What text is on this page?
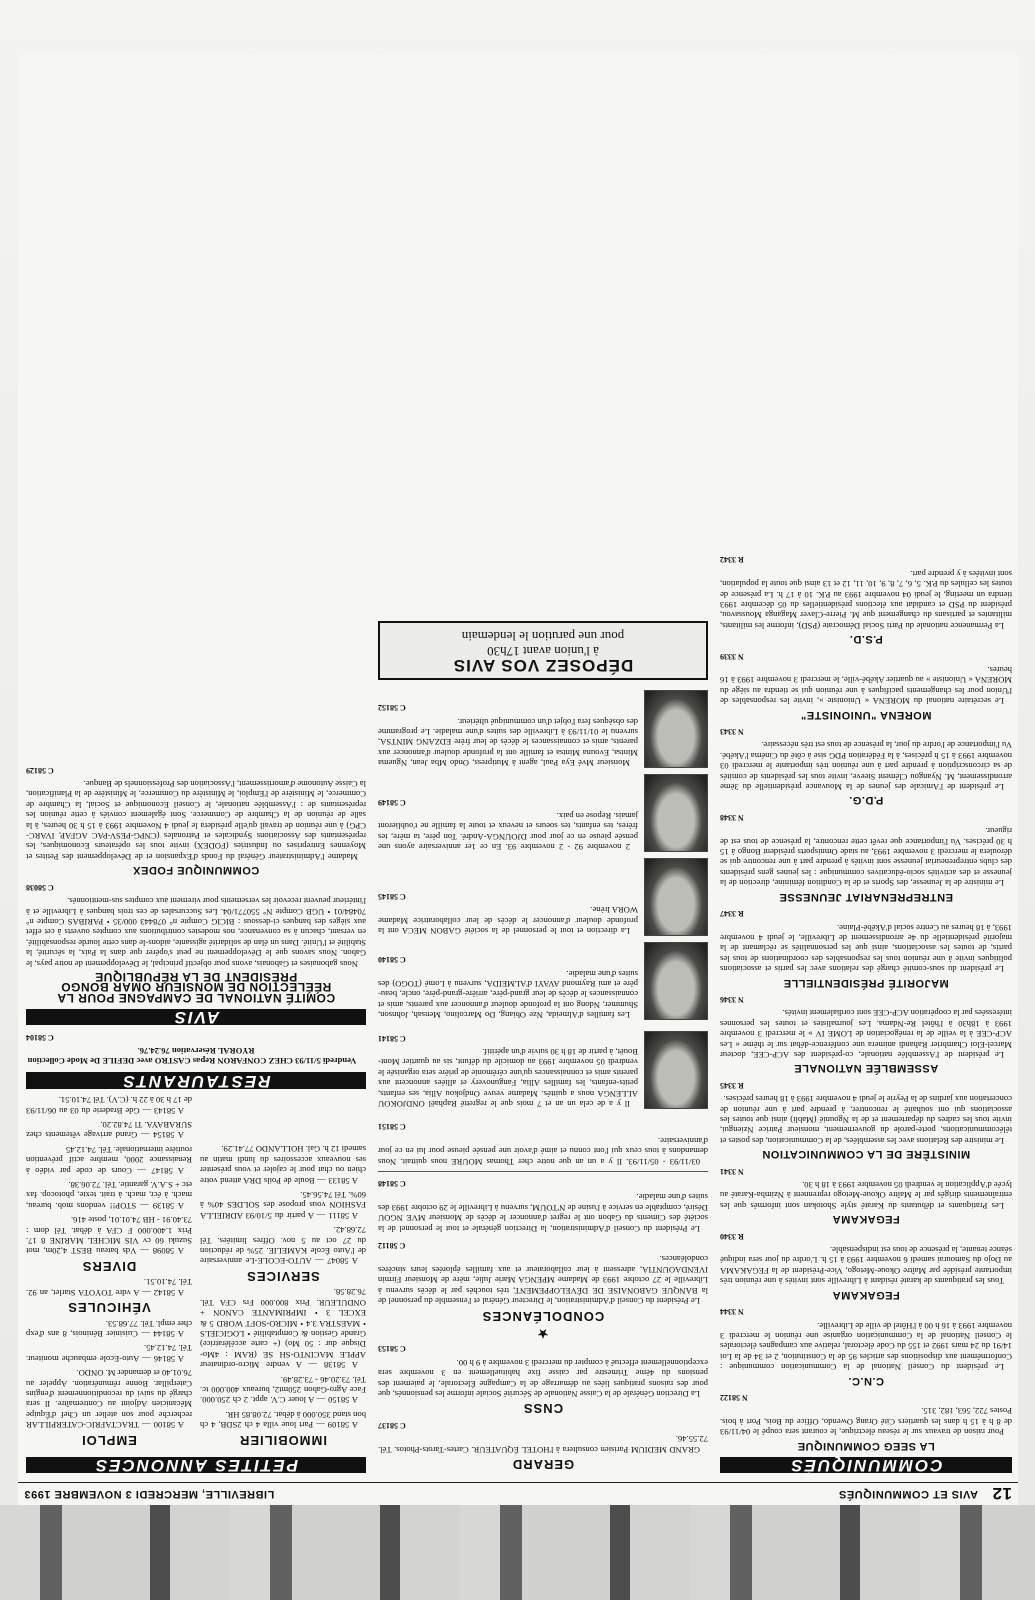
12
AVIS ET COMMUNIQUÉS
LIBREVILLE, MERCREDI 3 NOVEMBRE 1993
COMMUNIQUÉS
LA SEEG COMMUNIQUE

Pour raison de travaux sur le réseau électrique, le courant sera coupé le 04/11/93 de 8 h à 15 h dans les quartiers Cité Orang Owendo, Office du Bois, Port à bois. Postes 722, 563, 182, 315.

N 58122
C.N.C.

Le président du Conseil National de la Communication communique : Conformément aux dispositions des articles 95 de la Constitution, 2 et 34 de la Loi 14/91 du 24 mars 1992 et 155 du Code électoral, relative aux campagnes électorales le Conseil National de la Communication organise une réunion le mercredi 3 novembre 1993 à 16 h 00 à l'Hôtel de ville de Libreville.

N 3344
FEGAKAMA

Tous les pratiquants de karaté résidant à Libreville sont invités à une réunion très importante présidée par Maître Okoue-Metogo, Vice-Président de la FEGAKAMA au Dojo du Samourai samedi 6 novembre 1993 à 15 h. L'ordre du jour sera indiqué séance tenante, la présence de tous est indispensable.

R 3340
FEGAKAMA

Les Pratiquants et débutants du Karaté style Shotokan sont informés que les entraînements dirigés par le Maître Okoue-Metogo reprennent à Nzimba-Karaté au lycée d'Application le vendredi 05 novembre 1993 à 18 h 30.

N 3341
MINISTÈRE DE LA COMMUNICATION

Le ministre des Relations avec les assemblées, de la Communication, des postes et télécommunications, porte-parole du gouvernement, monsieur Patrice Nziengui, invite tous les cadres du département et de la Ngounié (Mabli) ainsi que toutes les associations qui ont souhaité le rencontrer, à prendre part à une réunion de concertation aux jardins de la Peyrie le jeudi 4 novembre 1993 à 18 heures précises.

R 3345
ASSEMBLÉE NATIONALE

Le président de l'Assemblée nationale, co-président des ACP-CEE, docteur Marcel-Eloi Chambrier Rahandi animera une conférence-débat sur le thème « Les ACP-CEE à la veille de la renégociation de LOME IV » le mercredi 3 novembre 1993 à 18h30 à l'hôtel Re-Ndama. Les journalistes et toutes les personnes intéressées par la coopération ACP-CEE sont cordialement invités.

N 3346
MAJORITÉ PRÉSIDENTIELLE

Le président du sous-comité chargé des relations avec les partis et associations politiques invite à une réunion tous les responsables des coordinations de tous les partis, de toutes les associations, ainsi que les personnalités se réclamant de la majorité présidentielle du 4e arrondissement de Libreville, le jeudi 4 novembre 1993, à 18 heures au Centre social d'Akébé-Plaine.

R 3347
ENTREPRENARIAT JEUNESSE

Le ministre de la Jeunesse, des Sports et de la Condition féminine, direction de la jeunesse et des activités socio-éducatives communique : les jeunes gens présidents des clubs entrepreneuriat jeunesse sont invités à prendre part à une rencontre qui se déroulera le mercredi 3 novembre 1993, au stade Omnisports président Bongo à 15 h 30 précises. Vu l'importance que revêt cette rencontre, la présence de tous est de rigueur.

N 3348
P.D.G.

Le président de l'Amicale des jeunes de la Mouvance présidentielle du 3ème arrondissement, M. Nyangou Clément Steeve, invite tous les présidents de comités de sa circonscription à prendre part à une réunion très importante le mercredi 03 novembre 1993 à 15 h précises, à la Fédération PDG sise à côté du Cinéma l'Akébé. Vu l'importance de l'ordre du jour, la présence de tous est très nécessaire.

N 3343
MORENA "UNIONISTE"

Le secrétaire national du MORENA « Unioniste », invite les responsables de l'Union pour les changements pacifiques à une réunion qui se tiendra au siège du MORENA « Unioniste » au quartier Akébé-ville, le mercredi 3 novembre 1993 à 16 heures.

N 3339
P.S.D.

La Permanence nationale du Parti Social Démocrate (PSD), informe les militants, militantes et partisans du changement que M. Pierre-Claver Maganga Moussavou, président du PSD et candidat aux élections présidentielles du 05 décembre 1993 tiendra un meeting, le jeudi 04 novembre 1993 au P.K. 10 à 17 h. La présence de toutes les cellules du P.K. 5, 6, 7, 8, 9, 10, 11, 12 et 13 ainsi que toute la population, sont invitées à y prendre part.

R 3342
GERARD

GRAND MEDIUM Parisien consultera à l'HOTEL ÉQUATEUR. Cartes-Tarots-Photos. Tél. 72.55.46.

C 58137
CNSS

La Direction Générale de la Caisse Nationale de Sécurité Sociale informe les pensionnés, que pour des raisons pratiques liées au démarrage de la Campagne Électorale, le paiement des pensions du 4ème Trimestre par caisse fixe habituellement en 3 novembre sera exceptionnellement effectué à compter du mercredi 3 novembre à 9 h 00.

C 58153
★
CONDOLÉANCES

Le Président du Conseil d'Administration, le Directeur Général et l'ensemble du personnel de la BANQUE GABONAISE DE DÉVELOPPEMENT, très touchés par le décès survenu à Libreville le 27 octobre 1993 de Madame MPENGA Marie Julie, mère de Monsieur Firmin IVENDAOUNTIA, adressent à leur collaborateur et aux familles éplorées leurs sincères condoléances.

C 58112

Le Président du Conseil d'Administration, la Direction générale et tout le personnel de la société des Ciments du Gabon ont le regret d'annoncer le décès de Monsieur MVE NGOU Désiré, comptable en service à l'usine de N'TOUM, survenu à Libreville le 29 octobre 1993 des suites d'une maladie.

C 58148

03/11/93 - 05/11/93. Il y a un an que notre cher Thomas MOURE nous quittait. Nous demandons à tous ceux qui l'ont connu et aimé d'avoir une pensée pieuse pour lui en ce jour d'anniversaire.

C 58151

Il y a de cela un an et 7 mois que le regretté Raphaël ONDJOKOU ALLENGA nous a quittés. Madame veuve Ondjokou Allia, ses enfants, petits-enfants, les familles Allia, Fangunovery et alliées annoncent aux parents amis et connaissances qu'une cérémonie de prière sera organisée le vendredi 05 novembre 1993 au domicile du défunt, sis au quartier Mont-Bouët, à partir de 18 h 30 suivie d'un apéritif.

C 58141

Les familles d'Almeida, Nze Obiang, Do Marcolino, Mensah, Johnson, Shummer, Ndong ont la profonde douleur d'annoncer aux parents, amis et connaissances le décès de leur grand-père, arrière-grand-père, oncle, beau-père et ami Raymond AVAYI d'ALMEIDA, survenu à Lomé (TOGO) des suites d'une maladie.

C 58140

La direction et tout le personnel de la société GABON MECA ont la profonde douleur d'annoncer le décès de leur collaboratrice Madame WORA Irène.

C 58145

2 novembre 92 - 2 novembre 93. En ce 1er anniversaire ayons une pensée pieuse en ce jour pour DJOUNGA-André. Ton père, ta mère, tes frères, tes enfants, tes soeurs et neveux et toute la famille ne t'oublieront jamais. Repose en paix.

C 58149

Monsieur Mvé Eya Paul, agent à Mutipress, Ondo Mba Jean, Nguema Mintsa, Evouna Mintsa et famille ont la profonde douleur d'annoncer aux parents, amis et connaissances le décès de leur frère EDZANG MINTSA, survenu le 01/11/93 à Libreville des suites d'une maladie. Le programme des obsèques fera l'objet d'un communiqué ultérieur.

C 58152
DÉPOSEZ VOS AVIS
à l'union avant 17h30
pour une parution le lendemain
PETITES ANNONCES
IMMOBILIER

A 58109 — Part loue villa 4 ch 2SDB, 4 ch bon stand 350.000 à débat. 72.08.85 HR.

A 58150 — A louer C.V. appt. 2 ch 250.000. Face Agro-Gabon 250mt2, bureaux 400.000 tc. Tél. 73.20.46 - 73.28.49.

A 58138 — A vendre Micro-ordinateur APPLE MACINTO-SH SE (RAM : 4Mo-Disque dur : 50 Mo) (+ carte accélératrice) Grande Gestion & Comptabilité • LOGICIELS • MAESTRA 3.4 • MICRO-SOFT WORD 5 & EXCEL 3 • IMPRIMANTE CANON + ONDULEUR. Prix 800.000 Frs CFA Tél. 76.28.58.

SERVICES

A 58047 — AUTO-ECOLE-Le anniversaire de l'Auto École KAMELIE. 25% de réduction du 27 oct au 5 nov. Offres limitées. Tél 72.68.42.

A 58111 — A partir du 5/10/93 ADRIELLA FASHION vous propose des SOLDES 40% à 60%. Tél 74.56.45.

A 58133 — Boule de Poils DRA attend votre chien ou chat pour le cajoler et vous présenter ses nouveaux accessoires du lundi matin au samedi 12 h. Gal. HOLLANDO 77.41.29.

EMPLOI

A 58100 — TRACTAFRIC-CATERPILLAR recherche pour son atelier un Chef d'Équipe Mécanicien Adjoint au Contremaître. Il sera chargé du suivi du reconditionnement d'engins Caterpillar. Bonne rémunération. Appeler au 76.01.40 et demander M. ONDO.

A 58146 — Auto-Ecole embauche moniteur. Tél. 74.12.45.

A 58144 — Cuisinier Béninois, 8 ans d'exp cher empl. Tél. 77.68.53.

VÉHICULES

A 58142 — A vdre TOYOTA Starlet, an 92. Tél. 74.10.51.

DIVERS

A 58098 — Vds bateau BEST 4,20m, mot Suzuki 60 cv VIS MICHEL MARINE 8 17. Prix 1.400.000 F CFA à débat. Tél dom : 73.40.91 - HB 74.01.01, poste 416.

A 58139 — STOP!! vendons mob. bureau, mach. à écr, mach. à trait. texte, photocop. fax etc + S.A.V. garantie. Tél. 72.06.38.

A 58147 — Cours de code par vidéo à Renaissance 2000, membre actif prévention routière internationale. Tél. 74.12.45

A 58154 — Grand arrivage vêtements chez SURABAYA. Tl 74.82.20.

A 58143 — Gde Braderie du 03 au 06/11/93 de 17 h 30 à 22 h. (C.V). Tél 74.10.51.

RESTAURANTS

Vendredi 5/11/93 CHEZ CONFARON Repas CASTRO avec DEFILE De Mode Collection RYORAL Réservation 76.24.76.

C 58104
AVIS
COMITÉ NATIONAL DE CAMPAGNE POUR LA RÉÉLECTION DE MONSIEUR OMAR BONGO PRÉSIDENT DE LA RÉPUBLIQUE

Nous gabonaises et Gabonais, avons pour objectif principal, le Développement de notre pays, le Gabon. Nous savons que le Développement ne peut s'opérer que dans la Paix, la sécurité, la Stabilité et l'Unité. Dans un élan de solidarité agissante, aidons-le dans cette lourde responsabilité, en versant, chacun à sa convenance, nos modestes contributions aux comptes ouverts à cet effet aux sièges des banques ci-dessous : BICIG Compte n° 078443 000/35 • PARIBAS Compte n° 70484/01 • UGB Compte N° 550771/04. Les Succursales de ces trois banques à Libreville et à l'intérieur peuvent recevoir les versements pour virement aux comptes sus-mentionnés.

C 58038
COMMUNIQUE FODEX

Madame l'Administrateur Général du Fonds d'Expansion et de Développement des Petites et Moyennes Entreprises ou Industries (FODEX) invite tous les opérateurs Economiques, les représentants des Associations Syndicales et Patronales (CNPG-PESV-PAC AGFAP, IVARC-CPG) à une réunion de travail qu'elle présidera le jeudi 4 Novembre 1993 à 15 h 30 heures, à la salle de réunion de la Chambre de Commerce. Sont également conviés à cette réunion les représentants de : l'Assemblée nationale, le Conseil Economique et Social, la Chambre de Commerce, le Ministère de l'Emploi, le Ministère du Commerce, le Ministère de la Planification, la Caisse Autonome d'amortissement, l'Association des Professionnels de Banque.

C 58129
